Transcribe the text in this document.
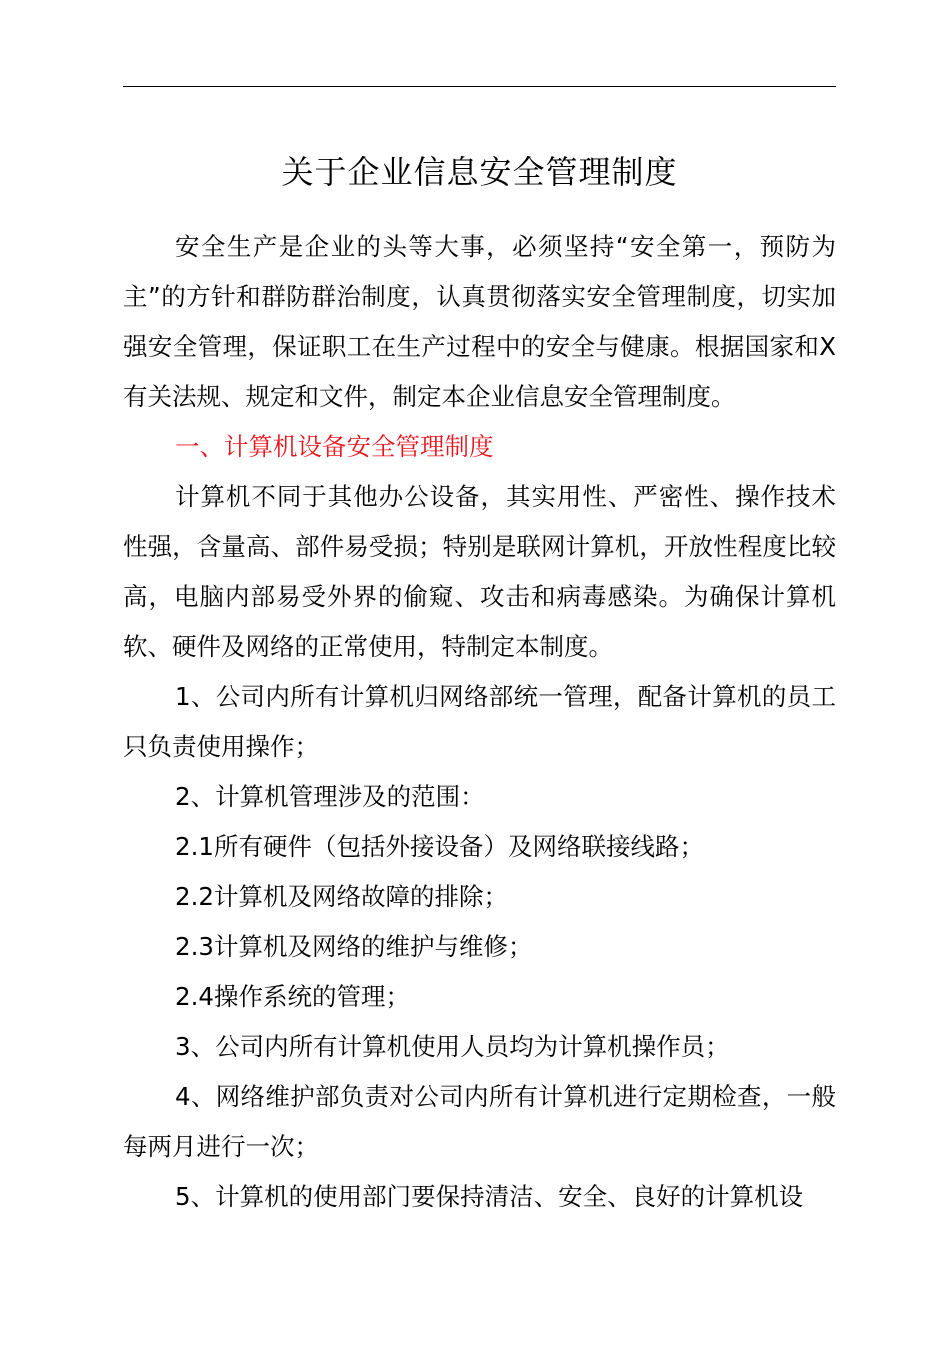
关于企业信息安全管理制度

安全生产是企业的头等大事，必须坚持“安全第一，预防为主”的方针和群防群治制度，认真贯彻落实安全管理制度，切实加强安全管理，保证职工在生产过程中的安全与健康。根据国家和X有关法规、规定和文件，制定本企业信息安全管理制度。

一、计算机设备安全管理制度

计算机不同于其他办公设备，其实用性、严密性、操作技术性强，含量高、部件易受损；特别是联网计算机，开放性程度比较高，电脑内部易受外界的偷窥、攻击和病毒感染。为确保计算机软、硬件及网络的正常使用，特制定本制度。

1、公司内所有计算机归网络部统一管理，配备计算机的员工只负责使用操作；

2、计算机管理涉及的范围：

2.1所有硬件（包括外接设备）及网络联接线路；

2.2计算机及网络故障的排除；

2.3计算机及网络的维护与维修；

2.4操作系统的管理；

3、公司内所有计算机使用人员均为计算机操作员；

4、网络维护部负责对公司内所有计算机进行定期检查，一般每两月进行一次；

5、计算机的使用部门要保持清洁、安全、良好的计算机设
